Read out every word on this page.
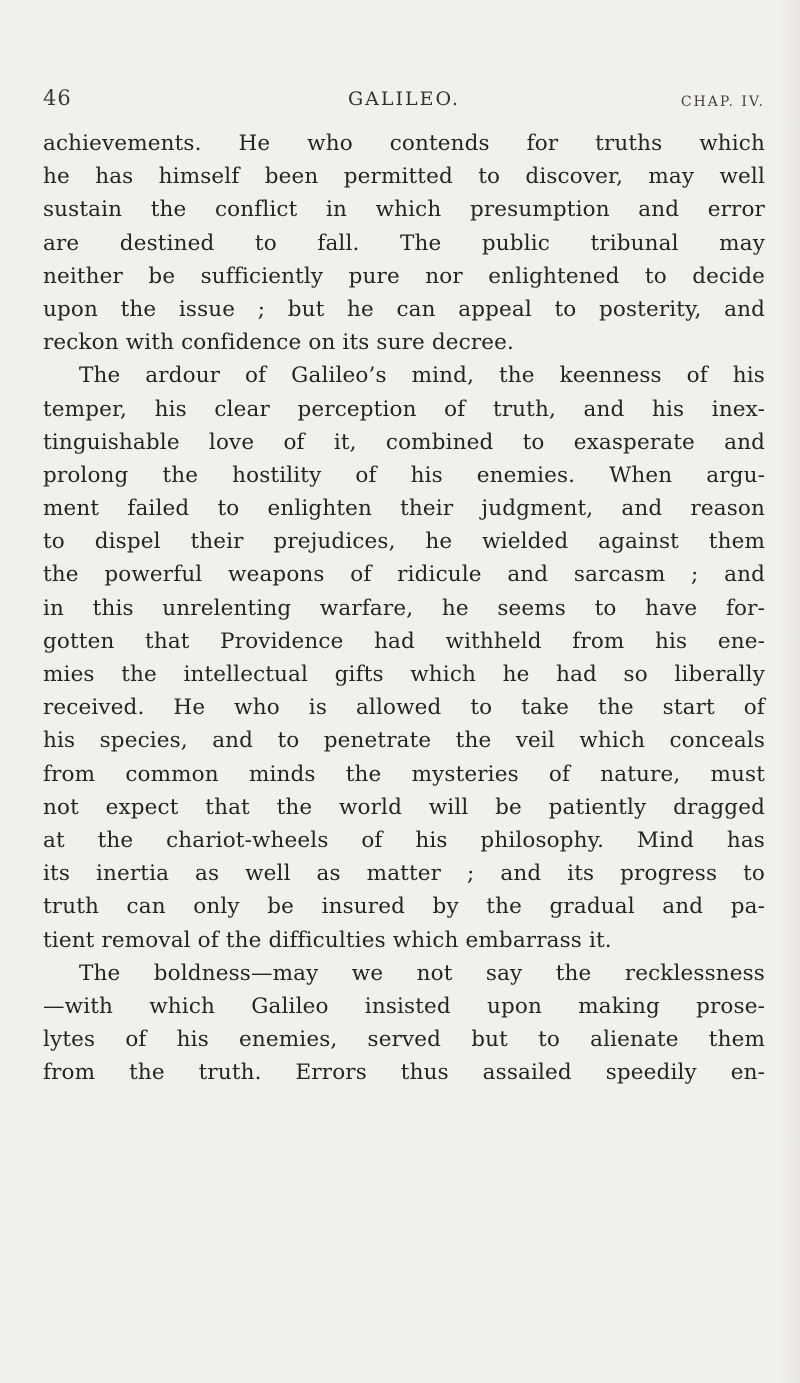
46	GALILEO.	CHAP. IV.
achievements. He who contends for truths which
he has himself been permitted to discover, may well
sustain the conflict in which presumption and error
are destined to fall. The public tribunal may
neither be sufficiently pure nor enlightened to decide
upon the issue ; but he can appeal to posterity, and
reckon with confidence on its sure decree.
The ardour of Galileo’s mind, the keenness of his
temper, his clear perception of truth, and his inex-
tinguishable love of it, combined to exasperate and
prolong the hostility of his enemies. When argu-
ment failed to enlighten their judgment, and reason
to dispel their prejudices, he wielded against them
the powerful weapons of ridicule and sarcasm ; and
in this unrelenting warfare, he seems to have for-
gotten that Providence had withheld from his ene-
mies the intellectual gifts which he had so liberally
received. He who is allowed to take the start of
his species, and to penetrate the veil which conceals
from common minds the mysteries of nature, must
not expect that the world will be patiently dragged
at the chariot-wheels of his philosophy. Mind has
its inertia as well as matter ; and its progress to
truth can only be insured by the gradual and pa-
tient removal of the difficulties which embarrass it.
The boldness—may we not say the recklessness
—with which Galileo insisted upon making prose-
lytes of his enemies, served but to alienate them
from the truth. Errors thus assailed speedily en-
